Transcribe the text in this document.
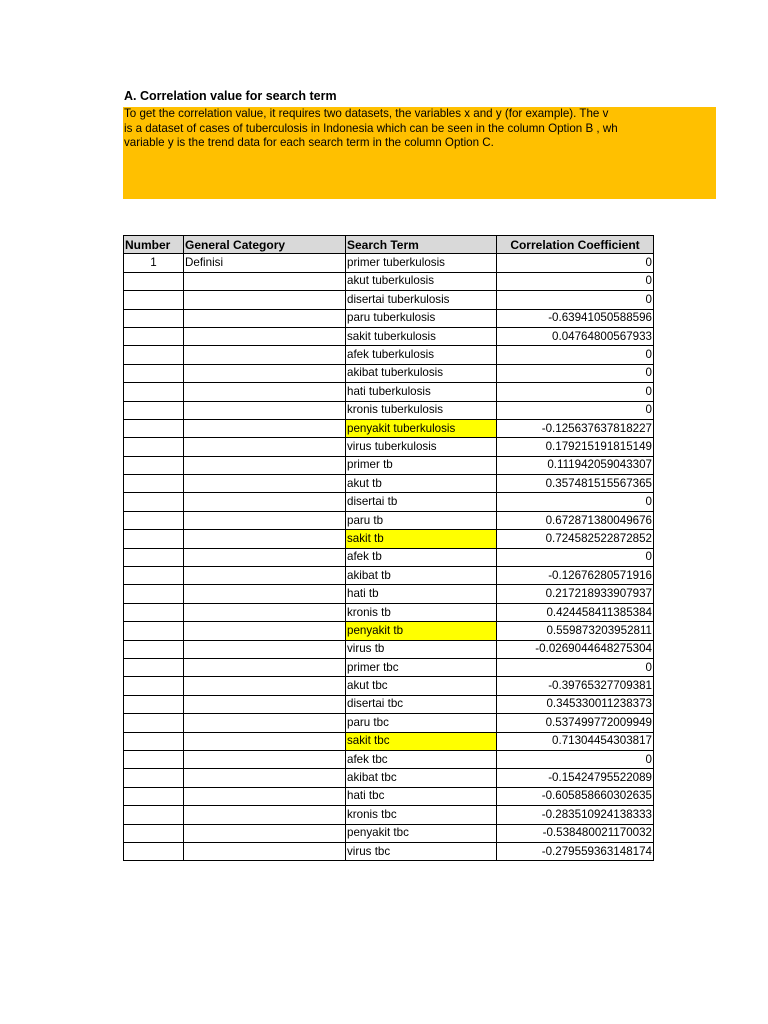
A. Correlation value for search term
To get the correlation value, it requires two datasets, the variables x and y (for example). The v
is a dataset of cases of tuberculosis in Indonesia which can be seen in the column Option B , wh
variable y is the trend data for each search term in the column Option C.
Number	General Category	Search Term	Correlation Coefficient
1	Definisi	primer tuberkulosis	0
		akut tuberkulosis	0
		disertai tuberkulosis	0
		paru tuberkulosis	-0.63941050588596
		sakit tuberkulosis	0.04764800567933
		afek tuberkulosis	0
		akibat tuberkulosis	0
		hati tuberkulosis	0
		kronis tuberkulosis	0
		penyakit tuberkulosis	-0.125637637818227
		virus tuberkulosis	0.179215191815149
		primer tb	0.111942059043307
		akut tb	0.357481515567365
		disertai tb	0
		paru tb	0.672871380049676
		sakit tb	0.724582522872852
		afek tb	0
		akibat tb	-0.12676280571916
		hati tb	0.217218933907937
		kronis tb	0.424458411385384
		penyakit tb	0.559873203952811
		virus tb	-0.0269044648275304
		primer tbc	0
		akut tbc	-0.39765327709381
		disertai tbc	0.345330011238373
		paru tbc	0.537499772009949
		sakit tbc	0.71304454303817
		afek tbc	0
		akibat tbc	-0.15424795522089
		hati tbc	-0.605858660302635
		kronis tbc	-0.283510924138333
		penyakit tbc	-0.538480021170032
		virus tbc	-0.279559363148174
